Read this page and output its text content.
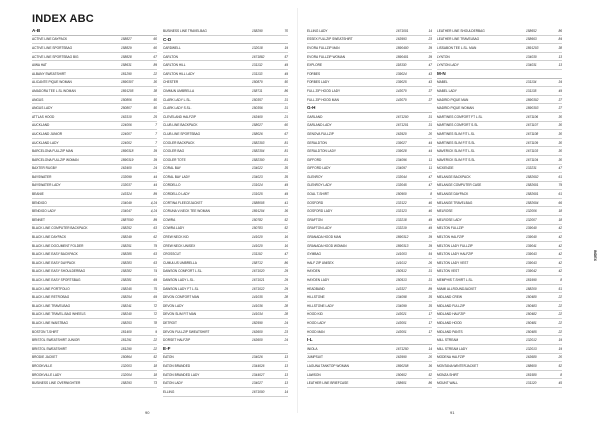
INDEX ABC
A-B
ACTIVE LINE DAYPACK	158827	60
ACTIVE LINE SPORTSBAG	158829	60
ACTIVE LINE SPORTSBAG BIG	158828	67
AIWA HAT	158631	89
ALBANY SWEATSHIRT	181290	22
ALICANTE PIQUE WOMAN	1890307	30
AMADORA TEE L.SL WOMAN	1891205	38
ANGUS	150806	50
ANGUS LADY	250807	50
ATTLAS HOOD	163310	25
AUCKLAND	124006	7
AUCKLAND JUNIOR	124007	7
AUCKLAND LADY	124002	7
BARCELONA FULLZIP MAN	1890318	39
BARCELONA FULLZIP WOMAN	1890319	39
BAXTER RUGBY	163400	24
BAYSWATER	133099	44
BAYSWATER LADY	133037	44
BEANIE	143324	89
BENDIGO	134049	4,24
BENDIGO LADY	134047	4,24
BENNET	1887000	89
BLACK LINE COMPUTER BACKPACK	158252	63
BLACK LINE DAYPACK	158249	62
BLACK LINE DOCUMENT FOLDER	158251	79
BLACK LINE EASY BACKPACK	158285	63
BLACK LINE EASY DAYPACK	158283	63
BLACK LINE EASY SHOULDERBAG	158282	74
BLACK LINE EASY SPORTSBAG	158281	69
BLACK LINE PORTFOLIO	158245	75
BLACK LINE RETROBAG	158254	69
BLACK LINE TRAVELBAG	158241	72
BLACK LINE TRAVEL-BAG WHEELS	158240	72
BLACK LINE WAISTBAG	158253	78
BOSTON T-SHIRT	181400	9
BRISTOL SWEATSHIRT JUNIOR	181291	22
BRISTOL SWEATSHIRT	181290	22
BRODIE JACKET	150864	52
BROOKVILLE	132003	18
BROOKVILLE LADY	132004	18
BUSINESS LINE OVERNIGHTER	158293	73
BUSINESS LINE TRAVELBAG	158290	70
C-D
CARDWELL	132018	19
CARLTON	1671882	57
CARLTON HILL	131132	49
CARLTON HILL LADY	131133	49
CHESTER	150870	50
CIMMUN UMBRELLA	158711	86
CLARK LADY L.SL.	150357	31
CLARK LADY S.SL.	150356	31
CLEVELAND HALFZIP	163400	21
CLUB LINE BACKPACK	158027	60
CLUB LINE SPORTSBAG	158026	67
COOLER BACKPACK	1582303	81
COOLER BAG	1582304	81
COOLER TOTE	1582300	81
CORAL BAY	134022	35
CORAL BAY LADY	134023	35
CORDELLO	131024	49
CORDELLO LADY	131025	49
CORTINA FLEECEJACKET	1588005	41
CORUNA V-NECK TEE WOMAN	1891204	36
COWRA	150782	52
COWRA LADY	150783	52
CREW NECK KID	141020	16
CREW NECK UNISEX	141020	16
CROSSCUT	131102	47
CUMULUS UMBRELLA	158712	86
DAWSON COMFORT L.SL.	1671020	29
DAWSON LADY L.SL.	1671021	29
DAWSON LADY FT L.SL	1671022	29
DEVON COMFORT MAN	141035	28
DEVON LADY	141036	28
DEVON SLIM FIT MAN	141034	28
DETROIT	182590	24
DEVON FULLZIP SWEATSHIRT	163600	23
DORSET HALFZIP	163600	24
E-F
EATON	134026	13
EATON BRANDED	1344026	13
EATON BRANDED LADY	1344027	13
EATON LADY	134027	13
ELLING	1671000	14
ELLING LADY	1671001	14
ESSEX FULLZIP SWEATSHIRT	163993	23
EVORA FULLZIP MAN	1890400	39
EVORA FULLZIP WOMAN	1890401	39
EXPLORE	118330	47
FORBES	139024	43
FORBES LADY	139025	43
FULL ZIP HOOD LADY	143070	37
FULL ZIP HOOD MAN	143070	37
G-H
GARLAND	1671200	31
GARLAND LADY	1671201	31
GENOVA FULLZIP	163920	20
GERALDTON	139027	44
GERALDTON LADY	139028	44
GIFFORD	134096	11
GIFFORD LADY	134097	11
GLENROY	133044	47
GLENROY LADY	133045	47
GOAL T-SHIRT	150900	8
GOSFORD	133122	46
GOSFORD LADY	133123	46
GRAFTON	133218	49
GRAFTON LADY	133219	49
GRANADA HOOD MAN	1890312	39
GRANADA HOOD WOMAN	1890313	39
GYMBAG	141003	54
HALF ZIP UNISEX	141012	26
HAYDEN	150512	31
HAYDEN LADY	150513	31
HEADBAND	143327	89
HILLSTONE	134098	35
HILLSTONE LADY	134099	35
HOOD KID	143021	17
HOOD LADY	143001	17
HOOD MAN	143001	17
I-L
INIOLA	1671250	14
JUMPSUIT	163990	20
LAGUNA TANKTOP WOMAN	1890208	36
LAWSON	150602	52
LEATHER LINE BRIEFCASE	158601	86
LEATHER LINE SHOULDERBAG	158652	86
LEATHER LINE TRAVELBAG	158663	84
LISSABON TEE L.SL. MAN	1891203	38
LYNTON	134030	13
LYNTON LADY	134031	13
M-N
MABEL	131134	34
MABEL LADY	131135	49
MADRID PIQUE MAN	1890302	37
MADRID PIQUE WOMAN	1890303	37
MARTINES COMFORT FT L.SL	1671106	30
MARTINES COMFORT S.SL	1671107	30
MARTINES SLIM FIT L.SL	1671108	30
MARTINES SLIM FIT S.SL	1671109	30
MAVERICK SLIM FIT L.SL	1671103	30
MAVERICK SLIM FIT S.SL	1671104	30
MCKENZIE	133231	47
MELANGE BACKPACK	1582602	61
MELANGE COMPUTER CASE	1582601	79
MELANGE DAYPACK	1582601	61
MELANGE TRAVELBAG	1582604	66
MELROSE	132006	18
MELROSE LADY	132007	18
MELTON FULLZIP	139040	42
MELTON HALFZIP	139040	42
MELTON LADY FULLZIP	139041	42
MELTON LADY HALFZIP	139043	42
MELTON LADY VEST	139043	42
MELTON VEST	139042	42
MEMPHIS T-SHIRT L.SL.	181990	8
MIAMI ALLROUNDJACKET	188200	51
MIDLAND CREW	150480	22
MIDLAND FULLZIP	150483	22
MIDLAND HALFZIP	150482	22
MIDLAND HOOD	150481	22
MIDLAND PANTS	150485	22
MILL STREAM	132012	19
MILL STREAM LADY	132013	19
MODENA HALFZIP	163680	20
MONTANA WINTERJACKET	188600	52
MONZA SHIRT	181580	8
MOUNT WALL	131120	45
90	91
INDEX
